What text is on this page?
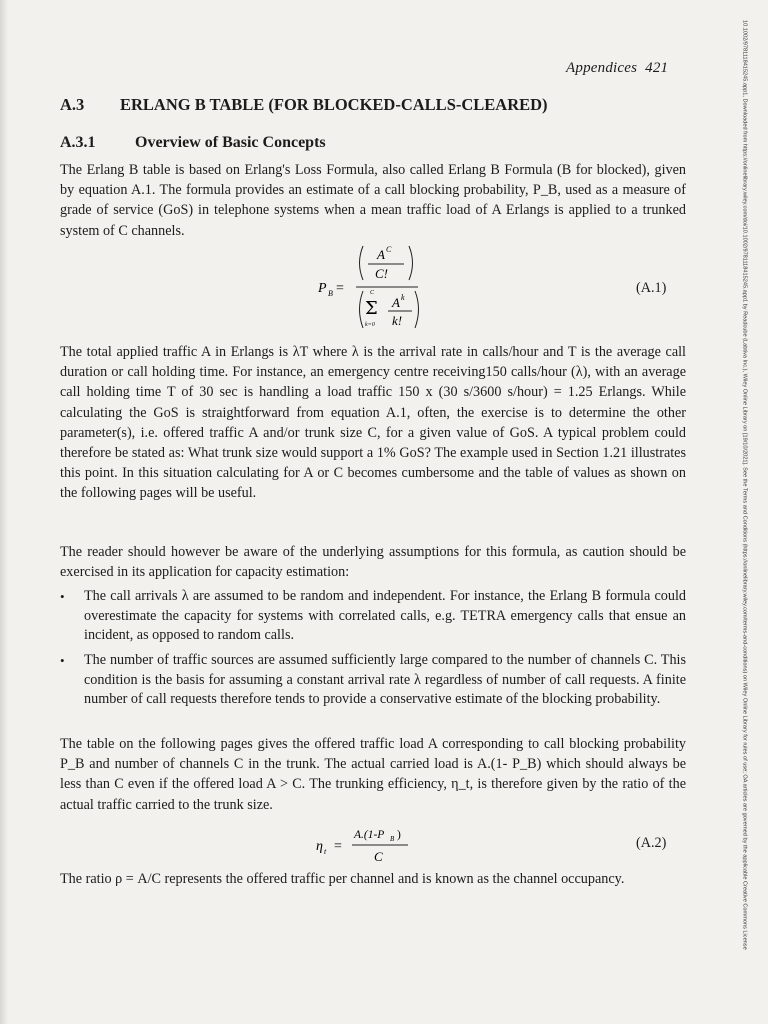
Appendices 421	10.1002/9781118415245.app1, Downloaded from https://onlinelibrary.wiley.com/doi/10.1002/9781118415245.app1 by Readcube (Labtiva Inc.), Wiley Online Library on [19/10/2021]. See the Terms and Conditions (https://onlinelibrary.wiley.com/terms-and-conditions) on Wiley Online Library for rules of use; OA articles are governed by the applicable Creative Commons License
A.3 ERLANG B TABLE (FOR BLOCKED-CALLS-CLEARED)
A.3.1 Overview of Basic Concepts
The Erlang B table is based on Erlang's Loss Formula, also called Erlang B Formula (B for blocked), given by equation A.1. The formula provides an estimate of a call blocking probability, P_B, used as a measure of grade of service (GoS) in telephone systems when a mean traffic load of A Erlangs is applied to a trunked system of C channels.
P B =
A C
C!
C
Σ
k=0
A k
k!
(A.1)
The total applied traffic A in Erlangs is λT where λ is the arrival rate in calls/hour and T is the average call duration or call holding time. For instance, an emergency centre receiving150 calls/hour (λ), with an average call holding time T of 30 sec is handling a load traffic 150 x (30 s/3600 s/hour) = 1.25 Erlangs. While calculating the GoS is straightforward from equation A.1, often, the exercise is to determine the other parameter(s), i.e. offered traffic A and/or trunk size C, for a given value of GoS. A typical problem could therefore be stated as: What trunk size would support a 1% GoS? The example used in Section 1.21 illustrates this point. In this situation calculating for A or C becomes cumbersome and the table of values as shown on the following pages will be useful.
The reader should however be aware of the underlying assumptions for this formula, as caution should be exercised in its application for capacity estimation:
• The call arrivals λ are assumed to be random and independent. For instance, the Erlang B formula could overestimate the capacity for systems with correlated calls, e.g. TETRA emergency calls that ensue an incident, as opposed to random calls.
• The number of traffic sources are assumed sufficiently large compared to the number of channels C. This condition is the basis for assuming a constant arrival rate λ regardless of number of call requests. A finite number of call requests therefore tends to provide a conservative estimate of the blocking probability.
The table on the following pages gives the offered traffic load A corresponding to call blocking probability P_B and number of channels C in the trunk. The actual carried load is A.(1- P_B) which should always be less than C even if the offered load A > C. The trunking efficiency, η_t, is therefore given by the ratio of the actual traffic carried to the trunk size.
η t =
A.(1-P B )
C
(A.2)
The ratio ρ = A/C represents the offered traffic per channel and is known as the channel occupancy.
